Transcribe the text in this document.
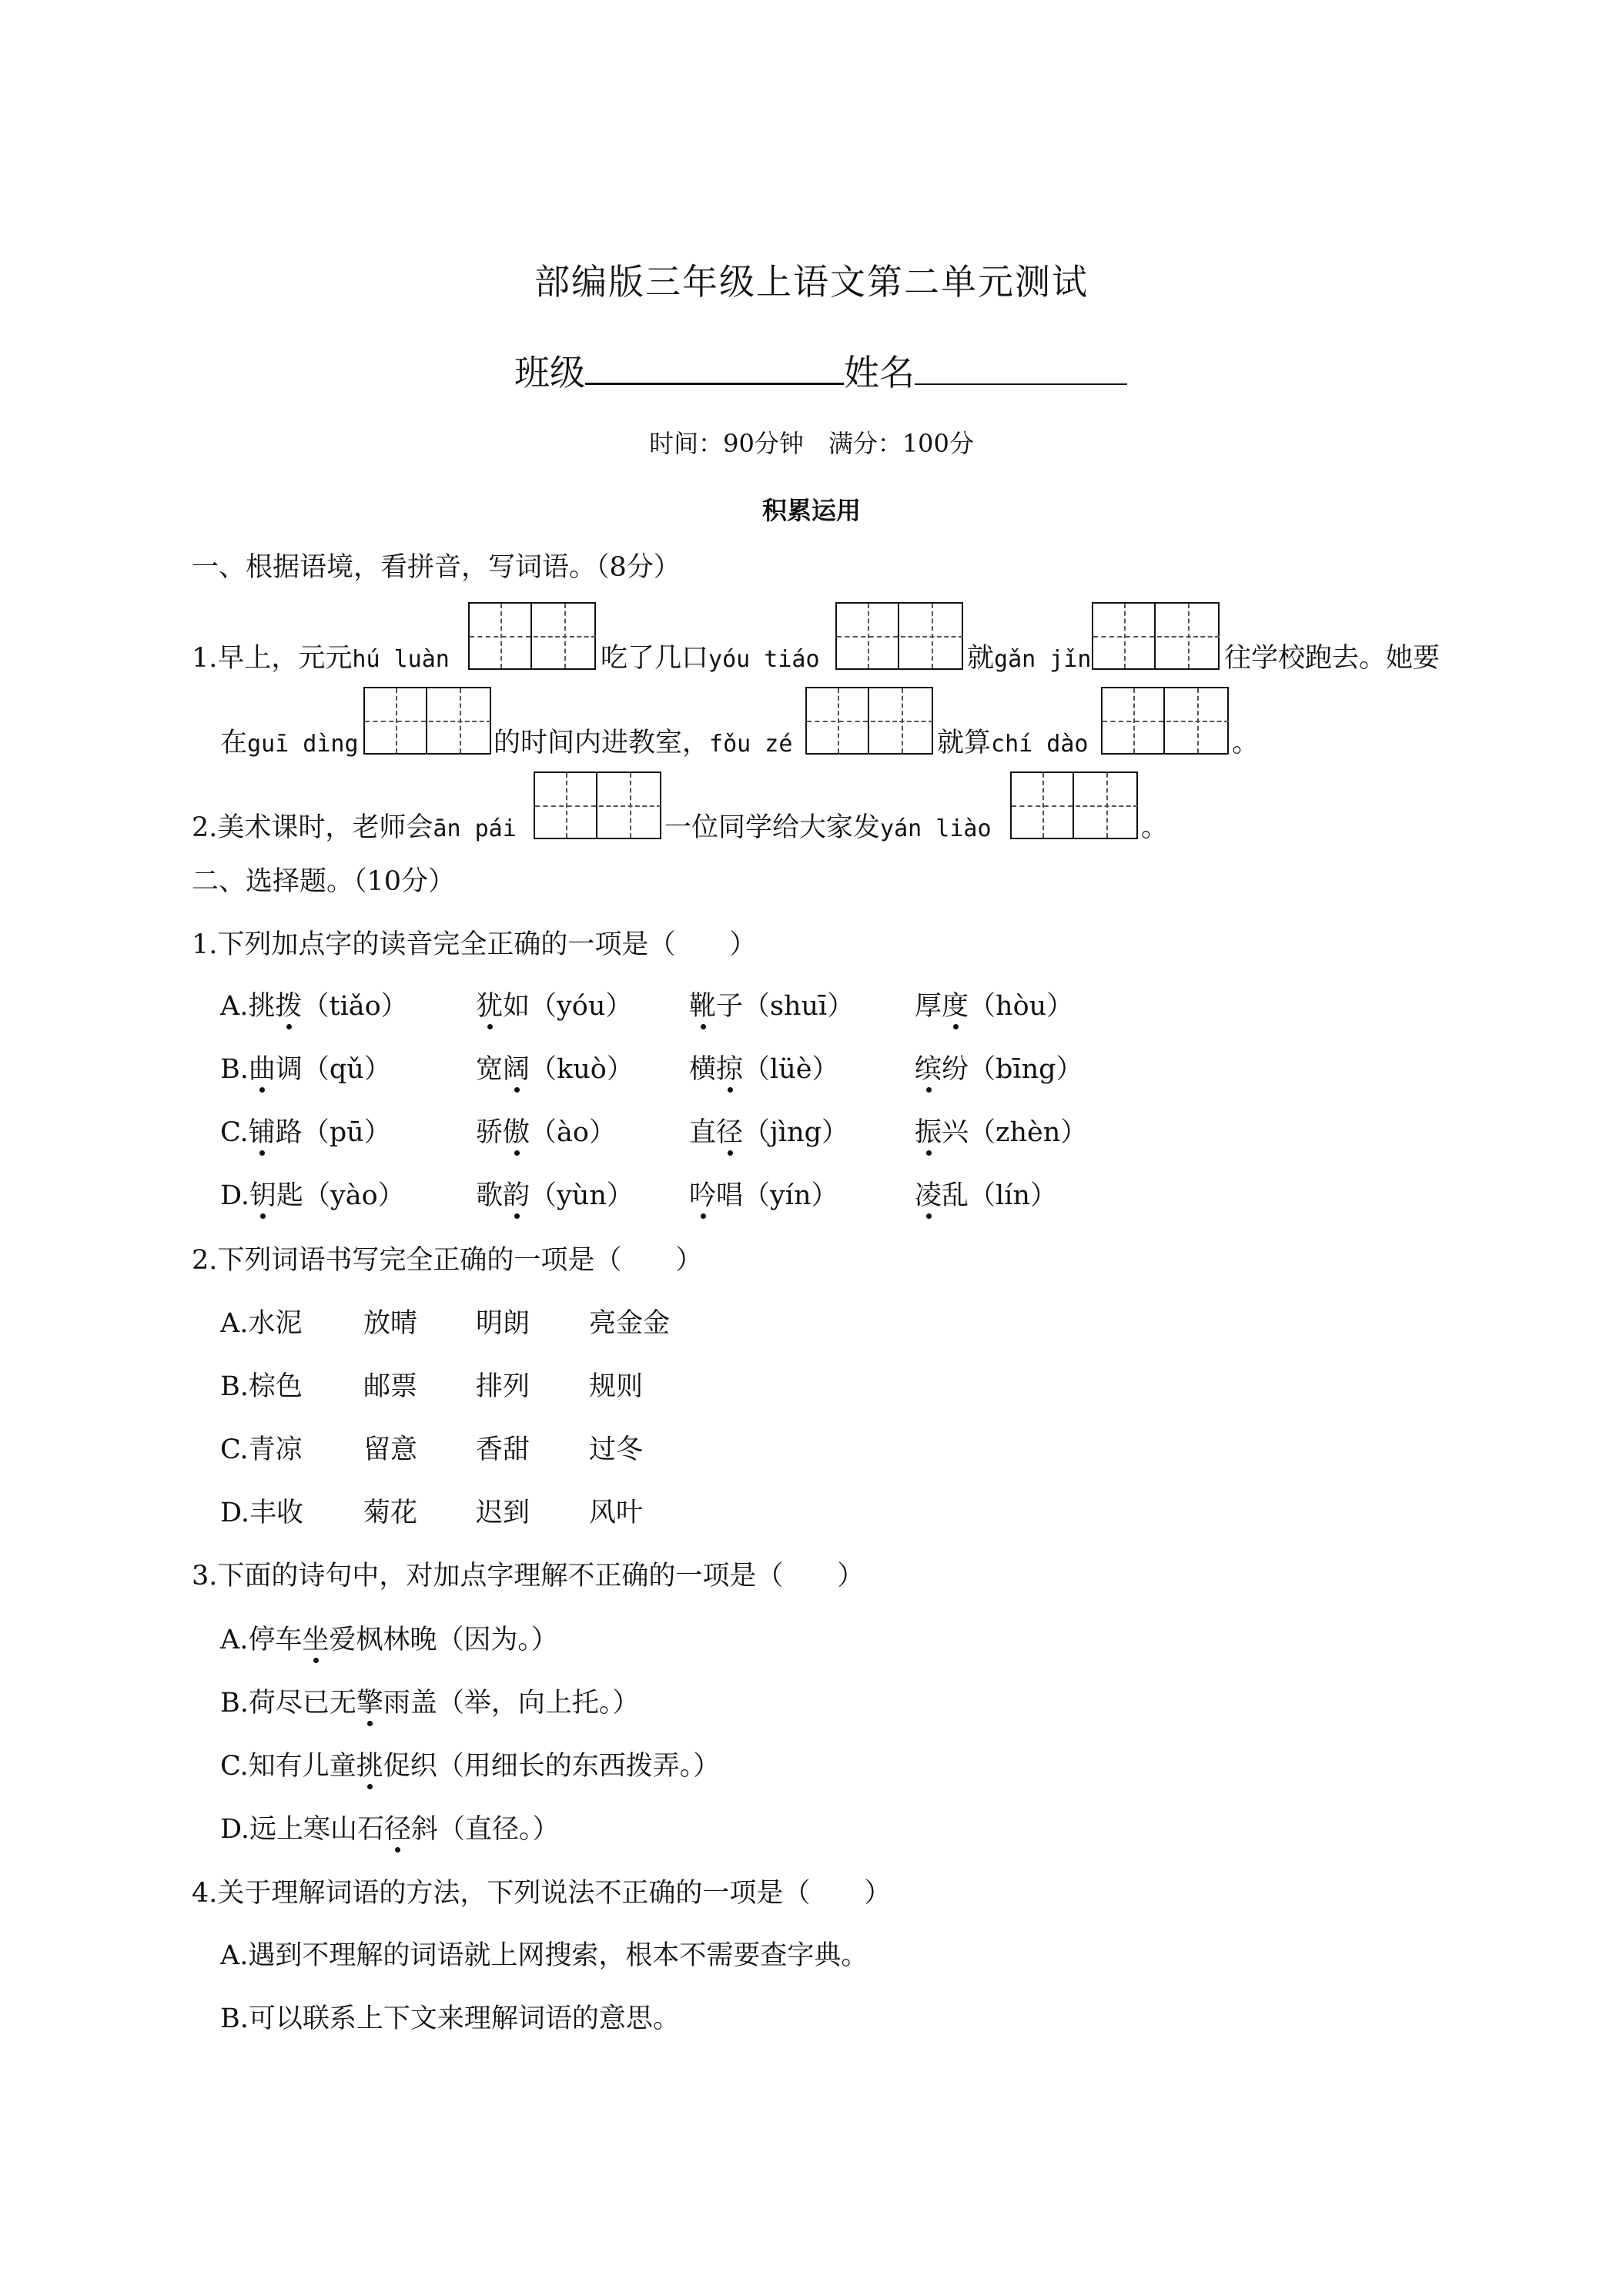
部编版三年级上语文第二单元测试
班级	姓名
时间：90分钟　满分：100分
积累运用
一、根据语境，看拼音，写词语。（8分）
1.早上，元元hú luàn	吃了几口yóu tiáo	就gǎn jǐn	往学校跑去。她要
在guī dìng	的时间内进教室，fǒu zé	就算chí dào	。
2.美术课时，老师会ān pái	一位同学给大家发yán liào	。
二、选择题。（10分）
1.下列加点字的读音完全正确的一项是（　　）
A.挑拨（tiǎo）	犹如（yóu） 靴子（shuī） 厚度（hòu）
B.曲调（qǔ）	宽阔（kuò） 横掠（lüè）	缤纷（bīng）
C.铺路（pū）	骄傲（ào）	直径（jìng） 振兴（zhèn）
D.钥匙（yào）	歌韵（yùn） 吟唱（yín）	凌乱（lín）
2.下列词语书写完全正确的一项是（　　）
A.水泥 放晴 明朗 亮金金
B.棕色 邮票 排列 规则
C.青凉 留意 香甜 过冬
D.丰收 菊花 迟到 风叶
3.下面的诗句中，对加点字理解不正确的一项是（　　）
A.停车坐爱枫林晚（因为。）
B.荷尽已无擎雨盖（举，向上托。）
C.知有儿童挑促织（用细长的东西拨弄。）
D.远上寒山石径斜（直径。）
4.关于理解词语的方法，下列说法不正确的一项是（　　）
A.遇到不理解的词语就上网搜索，根本不需要查字典。
B.可以联系上下文来理解词语的意思。
